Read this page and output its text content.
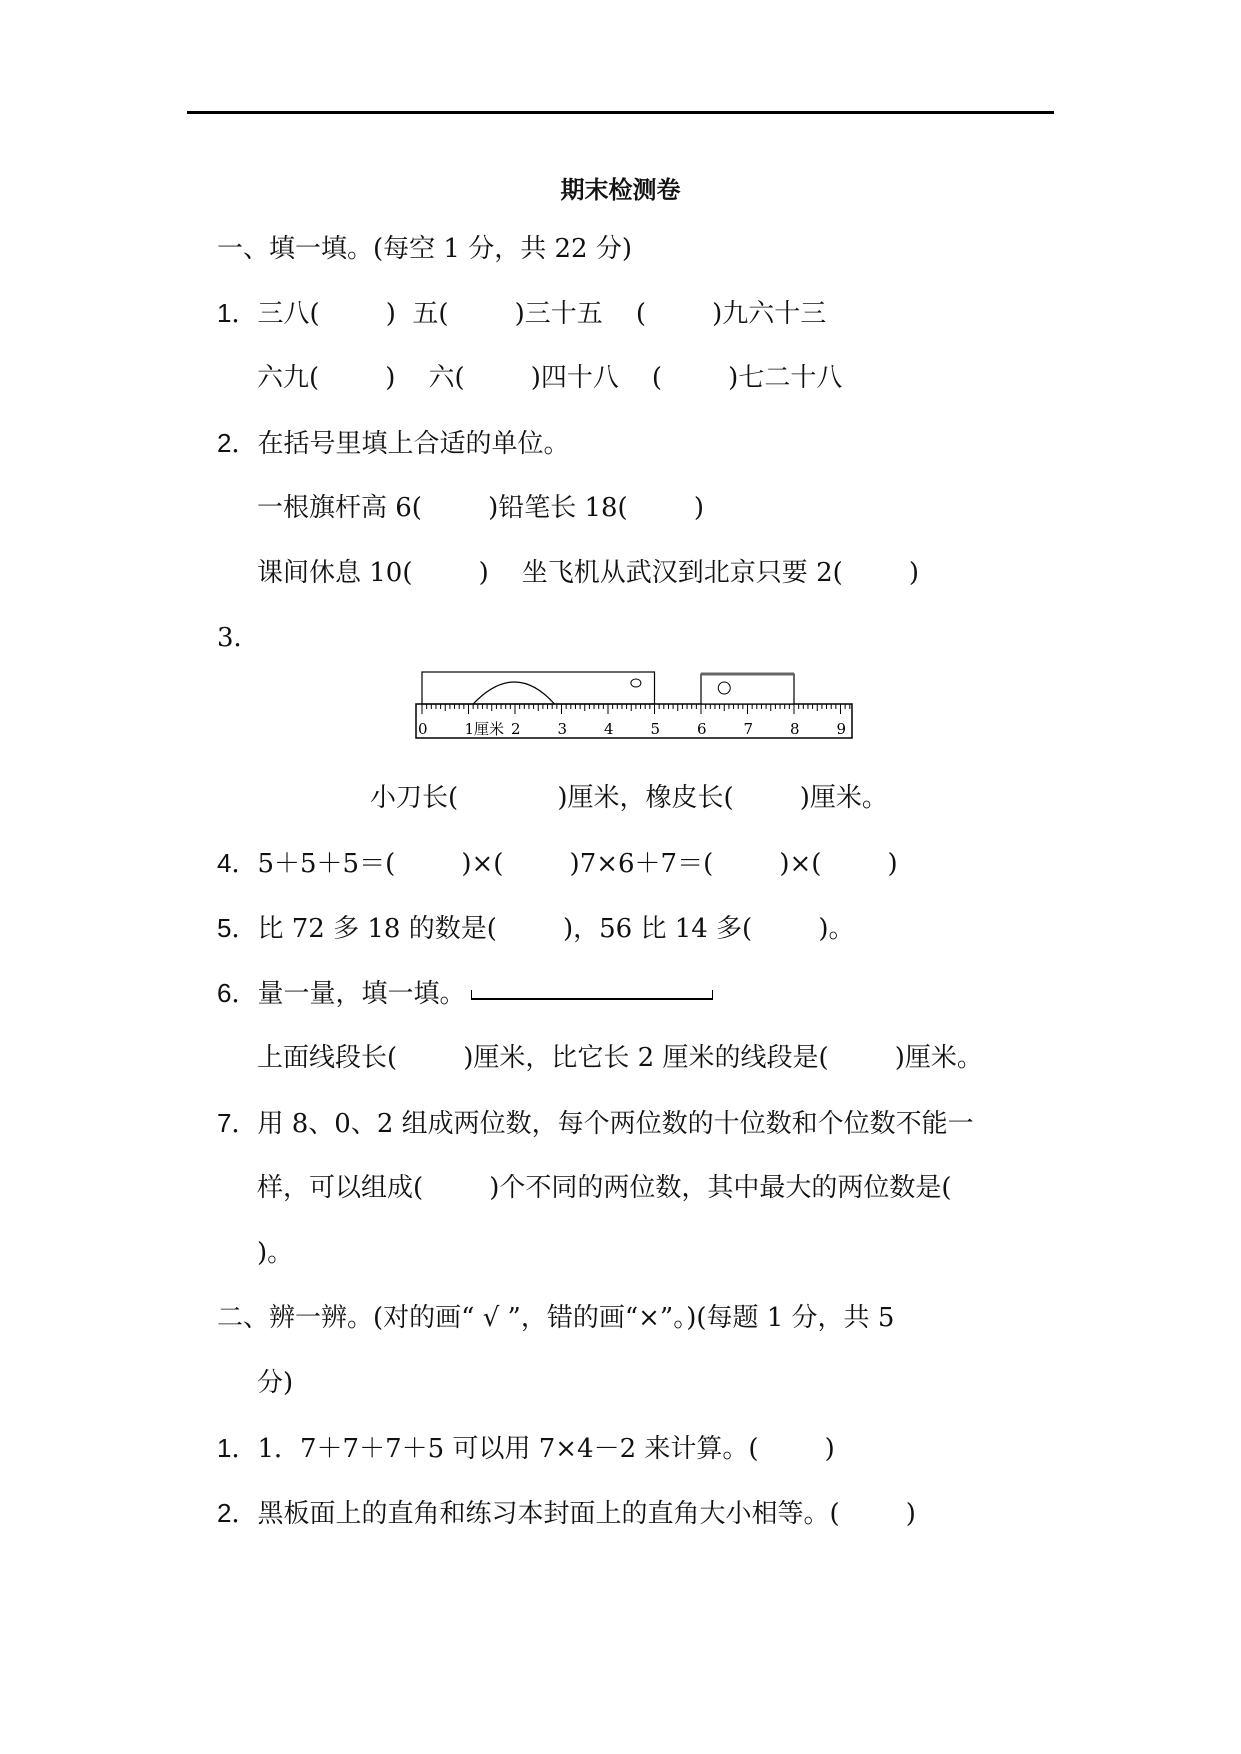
期末检测卷
一、填一填。(每空 1 分，共 22 分)
1．三八(        )  五(        )三十五    (        )九六十三
六九(        )    六(        )四十八    (        )七二十八
2．在括号里填上合适的单位。
一根旗杆高 6(        )铅笔长 18(        )
课间休息 10(        )    坐飞机从武汉到北京只要 2(        )
3．
0 1厘米 2 3 4 5 6 7 8 9
小刀长(            )厘米，橡皮长(        )厘米。
4．5＋5＋5＝(        )×(        )7×6＋7＝(        )×(        )
5．比 72 多 18 的数是(        )，56 比 14 多(        )。
6．量一量，填一填。
上面线段长(        )厘米，比它长 2 厘米的线段是(        )厘米。
7．用 8、0、2 组成两位数，每个两位数的十位数和个位数不能一
样，可以组成(        )个不同的两位数，其中最大的两位数是(
)。
二、辨一辨。(对的画“ √ ”，错的画“×”。)(每题 1 分，共 5
分)
1．1．7＋7＋7＋5 可以用 7×4－2 来计算。(        )
2．黑板面上的直角和练习本封面上的直角大小相等。(        )
